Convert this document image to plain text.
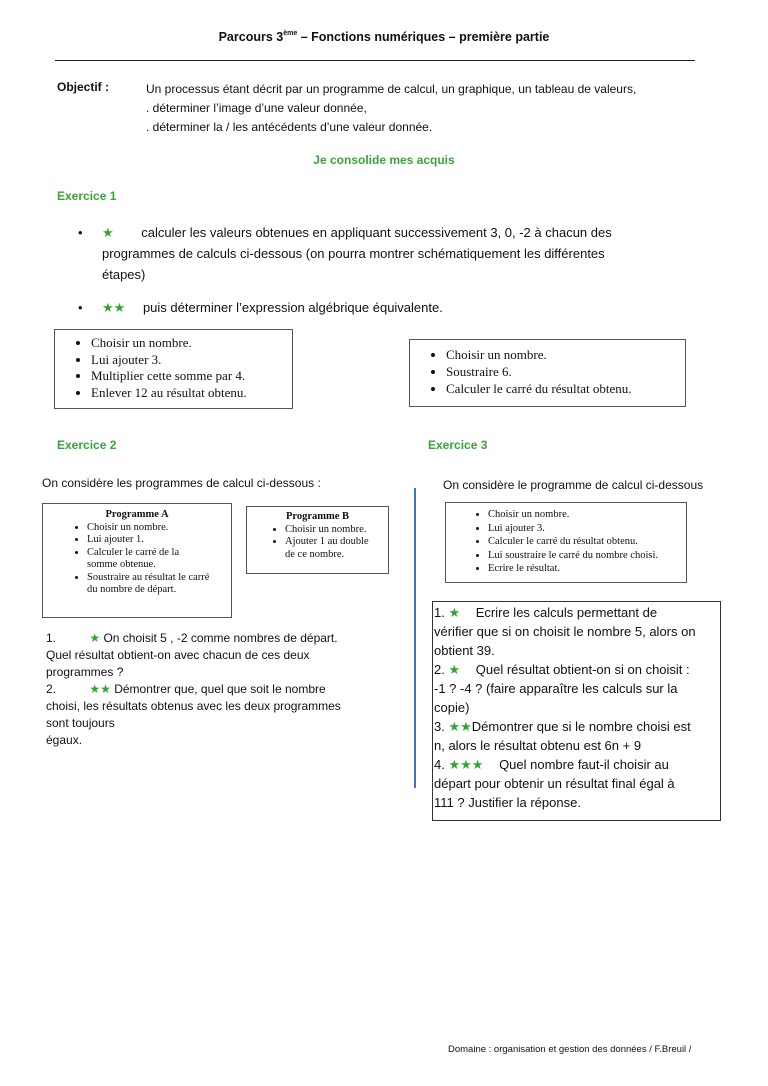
Parcours 3ème – Fonctions numériques – première partie
Objectif :	Un processus étant décrit par un programme de calcul, un graphique, un tableau de valeurs,
. déterminer l’image d’une valeur donnée,
. déterminer la / les antécédents d’une valeur donnée.
Je consolide mes acquis
Exercice 1
•	★ calculer les valeurs obtenues en appliquant successivement 3, 0, -2 à chacun des
programmes de calculs ci-dessous (on pourra montrer schématiquement les différentes
étapes)
•	★★ puis déterminer l’expression algébrique équivalente.
• Choisir un nombre.
• Lui ajouter 3.
• Multiplier cette somme par 4.
• Enlever 12 au résultat obtenu.
• Choisir un nombre.
• Soustraire 6.
• Calculer le carré du résultat obtenu.
Exercice 2
On considère les programmes de calcul ci-dessous :
Programme A
• Choisir un nombre.
• Lui ajouter 1.
• Calculer le carré de la somme obtenue.
• Soustraire au résultat le carré du nombre de départ.
Programme B
• Choisir un nombre.
• Ajouter 1 au double de ce nombre.
1.	★ On choisit 5 , -2 comme nombres de départ.
Quel résultat obtient-on avec chacun de ces deux
programmes ?
2.	★★ Démontrer que, quel que soit le nombre
choisi, les résultats obtenus avec les deux programmes
sont toujours
égaux.
Exercice 3
On considère le programme de calcul ci-dessous
• Choisir un nombre.
• Lui ajouter 3.
• Calculer le carré du résultat obtenu.
• Lui soustraire le carré du nombre choisi.
• Ecrire le résultat.
1. ★ Ecrire les calculs permettant de
vérifier que si on choisit le nombre 5, alors on
obtient 39.
2. ★ Quel résultat obtient-on si on choisit :
-1 ? -4 ? (faire apparaître les calculs sur la
copie)
3. ★★Démontrer que si le nombre choisi est
n, alors le résultat obtenu est 6n + 9
4. ★★★ Quel nombre faut-il choisir au
départ pour obtenir un résultat final égal à
111 ? Justifier la réponse.
Domaine : organisation et gestion des données / F.Breuil /
